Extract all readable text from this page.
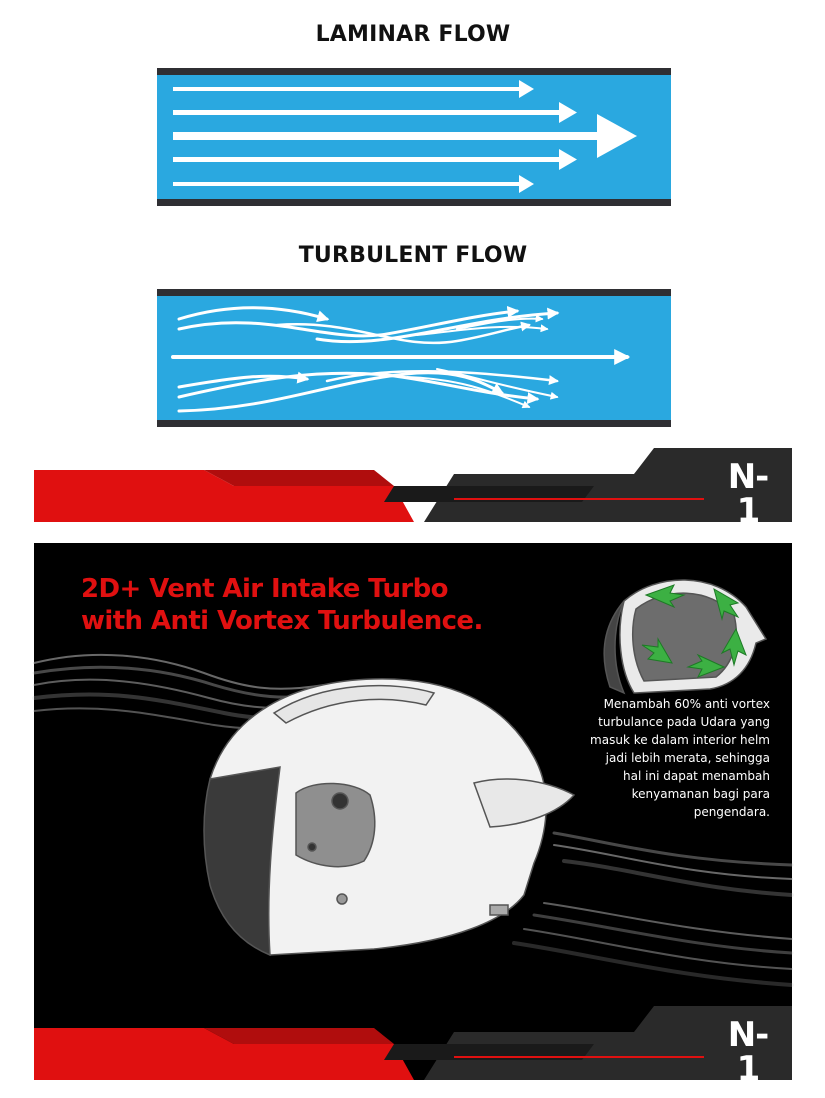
LAMINAR FLOW
TURBULENT FLOW
N-1
SERIES
2D+ Vent Air Intake Turbo
with Anti Vortex Turbulence.

Menambah 60% anti vortex
turbulance pada Udara yang
masuk ke dalam interior helm
jadi lebih merata, sehingga
hal ini dapat menambah
kenyamanan bagi para
pengendara.

N-1
SERIES
